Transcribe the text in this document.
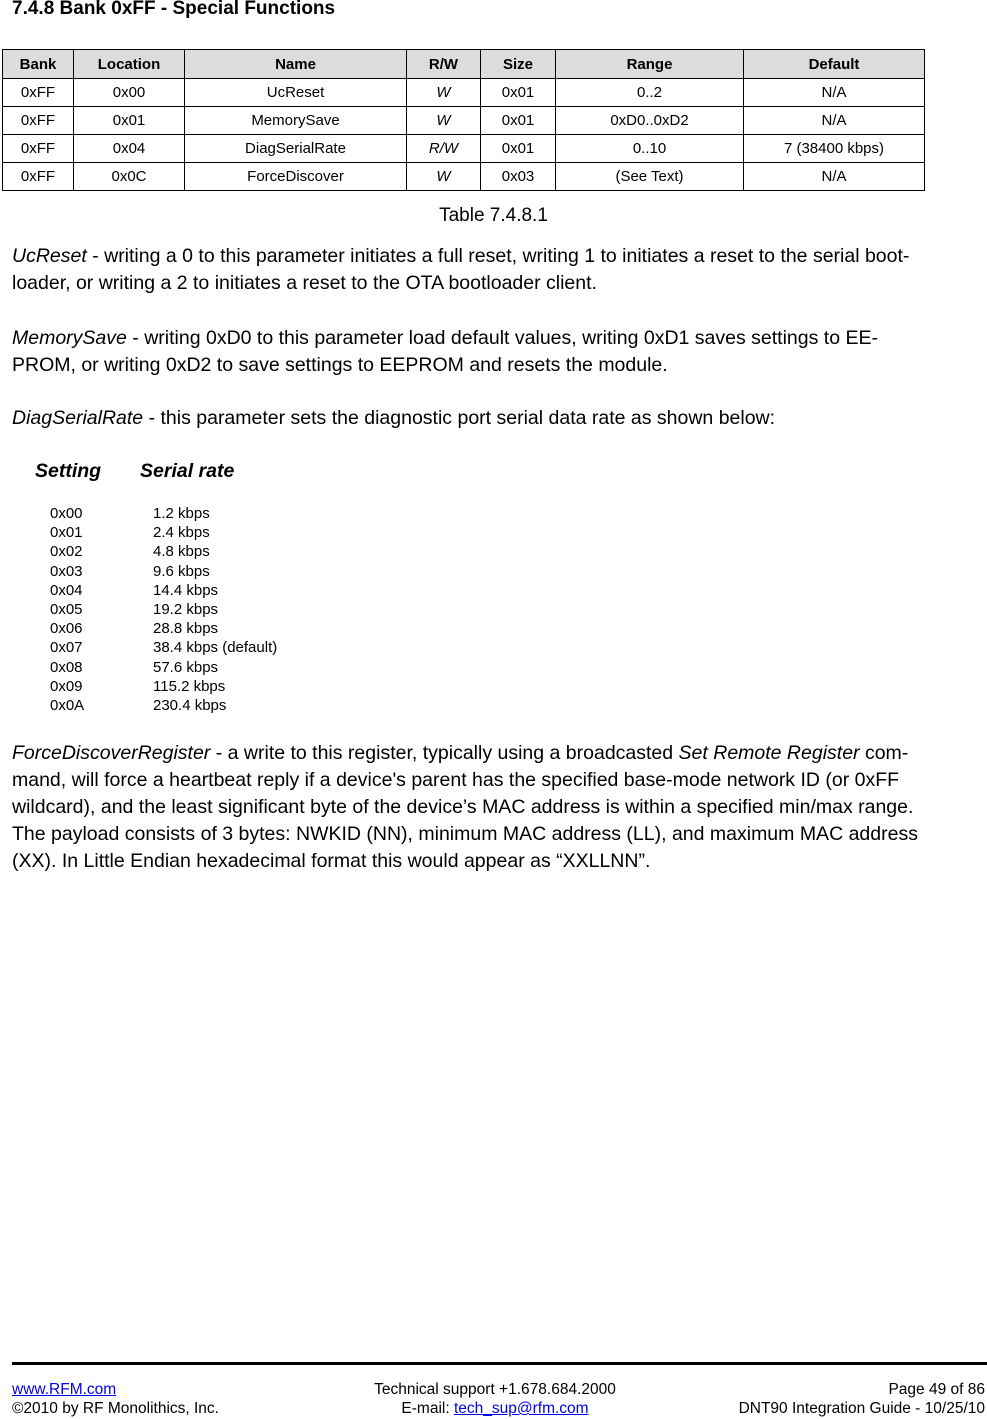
7.4.8 Bank 0xFF - Special Functions
Bank	Location	Name	R/W	Size	Range	Default
0xFF	0x00	UcReset	W	0x01	0..2	N/A
0xFF	0x01	MemorySave	W	0x01	0xD0..0xD2	N/A
0xFF	0x04	DiagSerialRate	R/W	0x01	0..10	7 (38400 kbps)
0xFF	0x0C	ForceDiscover	W	0x03	(See Text)	N/A
Table 7.4.8.1
UcReset - writing a 0 to this parameter initiates a full reset, writing 1 to initiates a reset to the serial boot-
loader, or writing a 2 to initiates a reset to the OTA bootloader client.
MemorySave - writing 0xD0 to this parameter load default values, writing 0xD1 saves settings to EE-
PROM, or writing 0xD2 to save settings to EEPROM and resets the module.
DiagSerialRate - this parameter sets the diagnostic port serial data rate as shown below:
Setting Serial rate
0x00	1.2 kbps
0x01	2.4 kbps
0x02	4.8 kbps
0x03	9.6 kbps
0x04	14.4 kbps
0x05	19.2 kbps
0x06	28.8 kbps
0x07	38.4 kbps (default)
0x08	57.6 kbps
0x09	115.2 kbps
0x0A	230.4 kbps
ForceDiscoverRegister - a write to this register, typically using a broadcasted Set Remote Register com-
mand, will force a heartbeat reply if a device's parent has the specified base-mode network ID (or 0xFF
wildcard), and the least significant byte of the device’s MAC address is within a specified min/max range.
The payload consists of 3 bytes: NWKID (NN), minimum MAC address (LL), and maximum MAC address
(XX). In Little Endian hexadecimal format this would appear as “XXLLNN”.
www.RFM.com
©2010 by RF Monolithics, Inc.
Technical support +1.678.684.2000
E-mail: tech_sup@rfm.com
Page 49 of 86
DNT90 Integration Guide - 10/25/10
